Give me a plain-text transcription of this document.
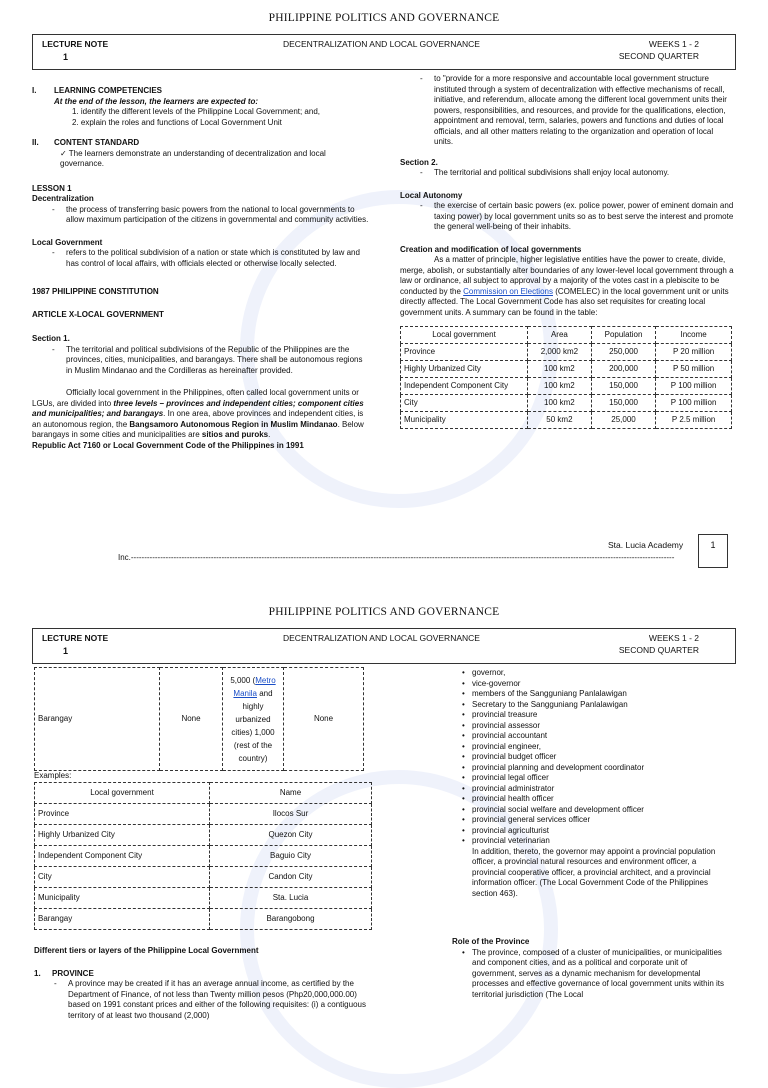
PHILIPPINE POLITICS AND GOVERNANCE
LECTURE NOTE
1
DECENTRALIZATION AND LOCAL GOVERNANCE	WEEKS 1 - 2
SECOND QUARTER
I. LEARNING COMPETENCIES

At the end of the lesson, the learners are expected to:

1. identify the different levels of the Philippine Local Government; and,

2. explain the roles and functions of Local Government Unit

II. CONTENT STANDARD

✓ The learners demonstrate an understanding of decentralization and local governance.

LESSON 1

Decentralization

- the process of transferring basic powers from the national to local governments to allow maximum participation of the citizens in governmental and community activities.

Local Government

- refers to the political subdivision of a nation or state which is constituted by law and has control of local affairs, with officials elected or otherwise locally selected.

1987 PHILIPPINE CONSTITUTION

ARTICLE X-LOCAL GOVERNMENT

Section 1.

- The territorial and political subdivisions of the Republic of the Philippines are the provinces, cities, municipalities, and barangays. There shall be autonomous regions in Muslim Mindanao and the Cordilleras as hereinafter provided.

Officially local government in the Philippines, often called local government units or LGUs, are divided into three levels – provinces and independent cities; component cities and municipalities; and barangays. In one area, above provinces and independent cities, is an autonomous region, the Bangsamoro Autonomous Region in Muslim Mindanao. Below barangays in some cities and municipalities are sitios and puroks.

Republic Act 7160 or Local Government Code of the Philippines in 1991

- to "provide for a more responsive and accountable local government structure instituted through a system of decentralization with effective mechanisms of recall, initiative, and referendum, allocate among the different local government units their powers, responsibilities, and resources, and provide for the qualifications, election, appointment and removal, term, salaries, powers and functions and duties of local officials, and all other matters relating to the organization and operation of local units.

Section 2.

- The territorial and political subdivisions shall enjoy local autonomy.

Local Autonomy

- the exercise of certain basic powers (ex. police power, power of eminent domain and taxing power) by local government units so as to best serve the interest and promote the general well-being of their inhabits.

Creation and modification of local governments

As a matter of principle, higher legislative entities have the power to create, divide, merge, abolish, or substantially alter boundaries of any lower-level local government through a law or ordinance, all subject to approval by a majority of the votes cast in a plebiscite to be conducted by the Commission on Elections (COMELEC) in the local government unit or units directly affected. The Local Government Code has also set requisites for creating local government units. A summary can be found in the table:

Local government	Area	Population	Income
Province	2,000 km2	250,000	P 20 million
Highly Urbanized City	100 km2	200,000	P 50 million
Independent Component City	100 km2	150,000	P 100 million
City	100 km2	150,000	P 100 million
Municipality	50 km2	25,000	P 2.5 million
Sta. Lucia Academy	1
Inc.------------------------------------------------------------------------------------------------------------------------------------------------------------------------------------------------------------
PHILIPPINE POLITICS AND GOVERNANCE
LECTURE NOTE
1
DECENTRALIZATION AND LOCAL GOVERNANCE	WEEKS 1 - 2
SECOND QUARTER
Barangay	None	5,000 (Metro Manila and highly urbanized cities) 1,000 (rest of the country)	None
Examples:
Local government	Name
Province	Ilocos Sur
Highly Urbanized City	Quezon City
Independent Component City	Baguio City
City	Candon City
Municipality	Sta. Lucia
Barangay	Barangobong

Different tiers or layers of the Philippine Local Government

1. PROVINCE

- A province may be created if it has an average annual income, as certified by the Department of Finance, of not less than Twenty million pesos (Php20,000,000.00) based on 1991 constant prices and either of the following requisites: (i) a contiguous territory of at least two thousand (2,000)

• governor,
• vice-governor
• members of the Sangguniang Panlalawigan
• Secretary to the Sangguniang Panlalawigan
• provincial treasure
• provincial assessor
• provincial accountant
• provincial engineer,
• provincial budget officer
• provincial planning and development coordinator
• provincial legal officer
• provincial administrator
• provincial health officer
• provincial social welfare and development officer
• provincial general services officer
• provincial agriculturist
• provincial veterinarian

In addition, thereto, the governor may appoint a provincial population officer, a provincial natural resources and environment officer, a provincial cooperative officer, a provincial architect, and a provincial information officer. (The Local Government Code of the Philippines section 463).

Role of the Province

• The province, composed of a cluster of municipalities, or municipalities and component cities, and as a political and corporate unit of government, serves as a dynamic mechanism for developmental processes and effective governance of local government units within its territorial jurisdiction (The Local
